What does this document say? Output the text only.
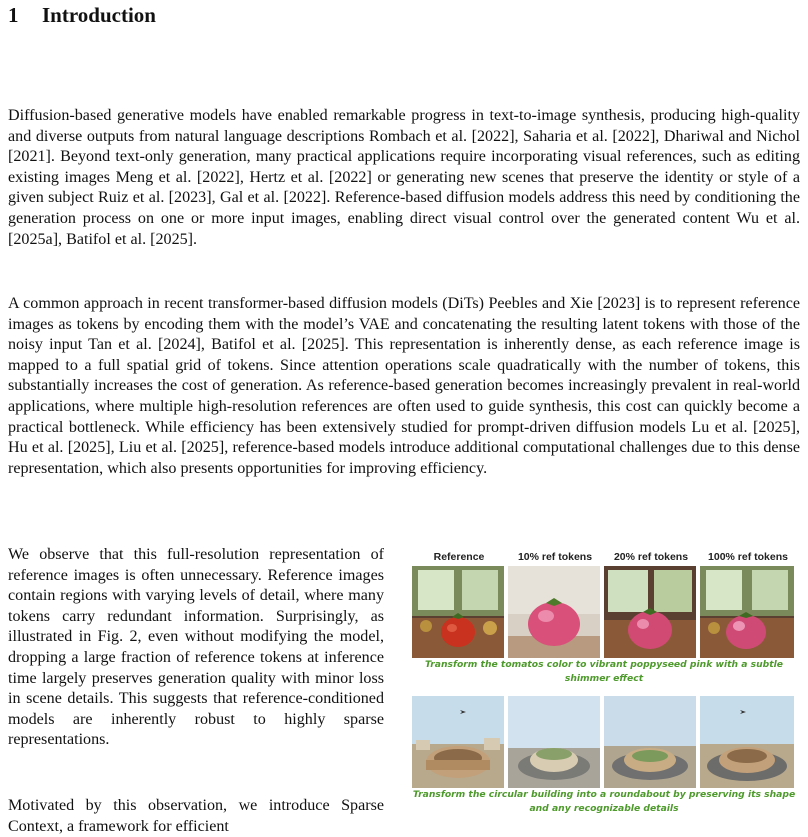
1 Introduction

Diffusion-based generative models have enabled remarkable progress in text-to-image synthesis, producing high-quality and diverse outputs from natural language descriptions Rombach et al. [2022], Saharia et al. [2022], Dhariwal and Nichol [2021]. Beyond text-only generation, many practical applications require incorporating visual references, such as editing existing images Meng et al. [2022], Hertz et al. [2022] or generating new scenes that preserve the identity or style of a given subject Ruiz et al. [2023], Gal et al. [2022]. Reference-based diffusion models address this need by conditioning the generation process on one or more input images, enabling direct visual control over the generated content Wu et al. [2025a], Batifol et al. [2025].

A common approach in recent transformer-based diffusion models (DiTs) Peebles and Xie [2023] is to represent reference images as tokens by encoding them with the model’s VAE and concatenating the resulting latent tokens with those of the noisy input Tan et al. [2024], Batifol et al. [2025]. This representation is inherently dense, as each reference image is mapped to a full spatial grid of tokens. Since attention operations scale quadratically with the number of tokens, this substantially increases the cost of generation. As reference-based generation becomes increasingly prevalent in real-world applications, where multiple high-resolution references are often used to guide synthesis, this cost can quickly become a practical bottleneck. While efficiency has been extensively studied for prompt-driven diffusion models Lu et al. [2025], Hu et al. [2025], Liu et al. [2025], reference-based models introduce additional computational challenges due to this dense representation, which also presents opportunities for improving efficiency.

We observe that this full-resolution representation of reference images is often unnecessary. Reference images contain regions with varying levels of detail, where many tokens carry redundant information. Surprisingly, as illustrated in Fig. 2, even without modifying the model, dropping a large fraction of reference tokens at inference time largely preserves generation quality with minor loss in scene details. This suggests that reference-conditioned models are inherently robust to highly sparse representations.

Motivated by this observation, we introduce Sparse Context, a framework for efficient

Reference	10% ref tokens	20% ref tokens	100% ref tokens
Transform the tomatos color to vibrant poppyseed pink with a subtle shimmer effect
Transform the circular building into a roundabout by preserving its shape and any recognizable details
